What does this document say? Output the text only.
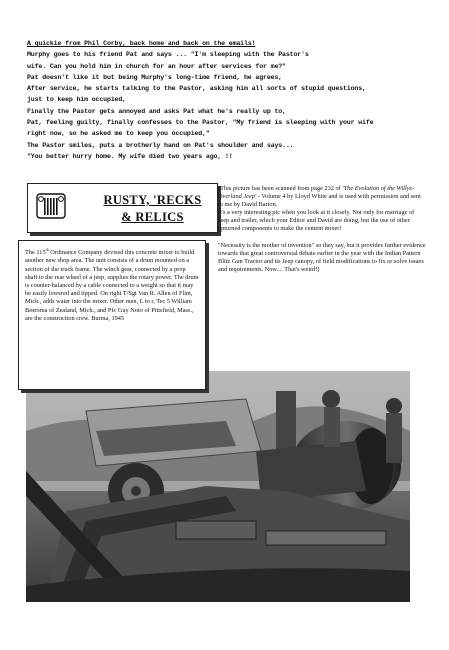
A quickie from Phil Corby, back home and back on the emails!
Murphy goes to his friend Pat and says ... "I'm sleeping with the Pastor's
wife. Can you hold him in church for an hour after services for me?"
Pat doesn't like it but being Murphy's long-time friend, he agrees,
After service, he starts talking to the Pastor, asking him all sorts of stupid questions,
just to keep him occupied,
Finally the Pastor gets annoyed and asks Pat what he's really up to,
Pat, feeling guilty, finally confesses to the Pastor, "My friend is sleeping with your wife
right now, so he asked me to keep you occupied,"
The Pastor smiles, puts a brotherly hand on Pat's shoulder and says...
"You better hurry home. My wife died two years ago, !!
RUSTY, 'RECKS
& RELICS

(This picture has been scanned from page 232 of 'The Evolution of the Willys-Overland Jeep' - Volume 4 by Lloyd White and is used with permission and sent to me by David Barton.

It's a very interesting pic when you look at it closely. Not only for marriage of Jeep and trailer, which your Editor and David are doing, but the use of other upturned components to make the cement mixer!

"Necessity is the mother of invention" so they say, but it provides further evidence towards that great controversial debate earlier in the year with the Indian Pattern Blitz Gun Tractor and its Jeep canopy, of field modifications to fix or solve issues and requirements. Now.... That's weird!)

The 115th Ordinance Company devised this concrete mixer to build another new shop area. The unit consists of a drum mounted on a section of the truck frame. The winch gear, connected by a prop shaft to the rear wheel of a jeep, supplies the rotary power. The drum is counter-balanced by a cable connected to a weight so that it may be easily lowered and tipped. On right T/Sgt Van R. Allen of Flint, Mich., adds water into the mixer. Other men, L to r, Tec 5 William Boersma of Zealand, Mich., and Pfc Guy Noto of Pittsfield, Mass., are the construction crew. Burma, 1945
